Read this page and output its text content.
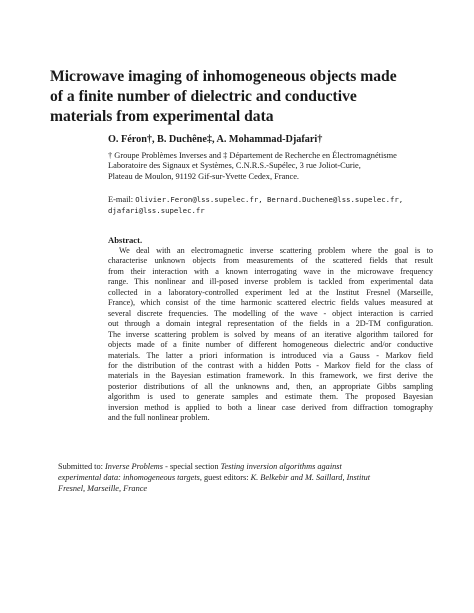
Microwave imaging of inhomogeneous objects made
of a finite number of dielectric and conductive
materials from experimental data

O. Féron†, B. Duchêne‡, A. Mohammad-Djafari†

† Groupe Problèmes Inverses and ‡ Département de Recherche en Électromagnétisme
Laboratoire des Signaux et Systèmes, C.N.R.S.-Supélec, 3 rue Joliot-Curie,
Plateau de Moulon, 91192 Gif-sur-Yvette Cedex, France.
E-mail: Olivier.Feron@lss.supelec.fr, Bernard.Duchene@lss.supelec.fr,
djafari@lss.supelec.fr

Abstract.

We deal with an electromagnetic inverse scattering problem where the goal is to
characterise unknown objects from measurements of the scattered fields that result
from their interaction with a known interrogating wave in the microwave frequency
range. This nonlinear and ill-posed inverse problem is tackled from experimental data
collected in a laboratory-controlled experiment led at the Institut Fresnel (Marseille,
France), which consist of the time harmonic scattered electric fields values measured at
several discrete frequencies. The modelling of the wave - object interaction is carried
out through a domain integral representation of the fields in a 2D-TM configuration.
The inverse scattering problem is solved by means of an iterative algorithm tailored for
objects made of a finite number of different homogeneous dielectric and/or conductive
materials. The latter a priori information is introduced via a Gauss - Markov field
for the distribution of the contrast with a hidden Potts - Markov field for the class of
materials in the Bayesian estimation framework. In this framework, we first derive the
posterior distributions of all the unknowns and, then, an appropriate Gibbs sampling
algorithm is used to generate samples and estimate them. The proposed Bayesian
inversion method is applied to both a linear case derived from diffraction tomography
and the full nonlinear problem.
Submitted to: Inverse Problems - special section Testing inversion algorithms against
experimental data: inhomogeneous targets, guest editors: K. Belkebir and M. Saillard, Institut
Fresnel, Marseille, France
